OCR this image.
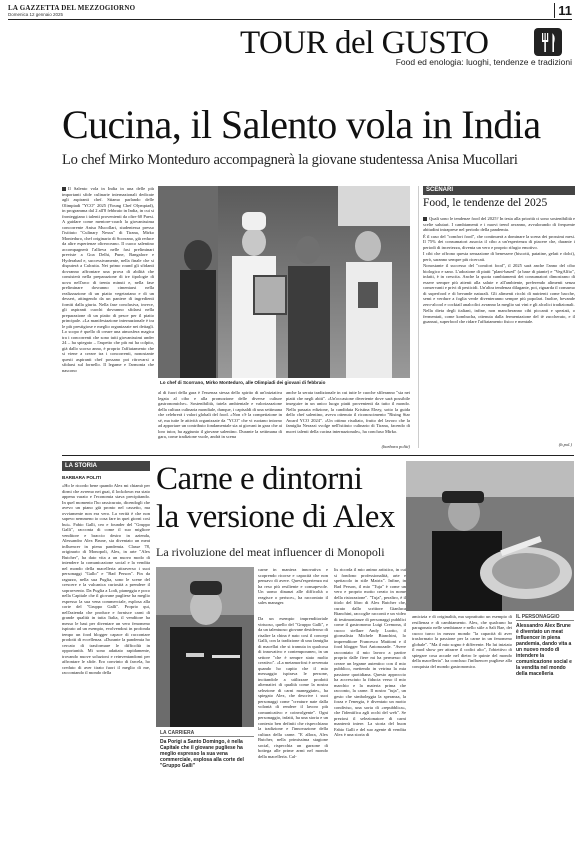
LA GAZZETTA DEL MEZZOGIORNO
Domenica 12 gennaio 2025	11
TOUR del GUSTO
Food ed enologia: luoghi, tendenze e tradizioni
Cucina, il Salento vola in India
Lo chef Mirko Monteduro accompagnerà la giovane studentessa Anisa Mucollari
Il Salento vola in India in una delle più importanti sfide culinarie internazionali dedicate agli aspiranti chef. Stiamo parlando delle Olimpiadi "YCO" 2025 (Young Chef Olympiad), in programma dal 2 all'8 febbraio in India, in cui si fronteggiano i talenti provenienti da oltre 60 Paesi. A guidare come mentore-coach la giovanissima concorrente Anisa Mucollari, studentessa presso l'istituto "Culinary Nexus" di Tirana, Mirko Monteduro, chef originario di Scorrano, già reduce da altre esperienze oltreoceano. Il cuoco salentino accompagnerà l'allieva nelle fasi preliminari previste a Goa Delhi, Pune, Bangalore e Hyderabad e, successivamente, nella finale che si disputerà a Calcutta. Nei primo round gli sfidanti dovranno affrontare una prova di abilità che consisterà nella preparazione di tre tipologie di uova nell'arco di trenta minuti e, nella fase preliminare dovranno cimentarsi nella realizzazione di un piatto vegetariano e di un dessert, attingendo da un paniere di ingredienti forniti dalla giuria. Nella fase conclusiva, invece, gli aspiranti cuochi dovranno sfidarsi nella preparazione di un piatto di pesce per il piatto principale. «La manifestazione internazionale è tra le più prestigiose e meglio organizzate nei dettagli. Lo scopo è quello di creare una atmosfera magica tra i concorrenti che sono tutti giovanissimi under 24 – ha spiegato – l'aspetto che più mi ha colpito, già dallo scorso anno, è proprio l'affiatamento che si viene a creare tra i concorrenti, nonostante questi aspiranti chef possano poi ritrovarsi a sfidarsi sul fornello. Il legame e l'armonia che nascono
Lo chef di Scorrano, Mirko Monteduro, alle Olimpiadi dei giovani di febbraio
al di fuori della gara è l'essenza stessa dello spirito di un'iniziativa legata al cibo e alla promozione delle diverse culture gastronomiche». Sostenibilità, tutela ambientale e valorizzazione della cultura culinaria mondiale, dunque, i capisaldi di una settimana che celebrerà i valori globali del food. «Non c'è la competizione in sé, ma tutte le attività organizzate da "YCO" che vi ruotano intorno ad apportare un contributo fondamentale sia ai giovani in gara che ai loro tutor, ha aggiunto il giovane salentino. Durante la settimana di gara, come tradizione vuole, andrà in scena
anche la serata tradizionale in cui tutte le cuoche sfileranno "sia nei piatti che negli abiti". «Un'occasione divertente dove sarà possibile inseguire in un unico luogo piatti provenienti da tutto il mondo. Nella passata edizione, la candidata Kristina Elezy, sotto la guida dello chef salentino, aveva ottenuto il riconoscimento "Rising Star Award YCO 2024". «Un ottimo risultato, frutto del lavoro che la famiglia Nerazzi svolge nell'istituto culinario di Tirana, facendo di nuovi talenti della cucina internazionale», ha concluso Mirko.
(barbara politi)
SCENARI
Food, le tendenze del 2025

Quali sono le tendenze food del 2025? In testa alla priorità ci sono sostenibilità e scelte salutari. I cambiamenti e i nuovi trend avranno, avvalorando di frequente abitudini intraprese nel periodo della pandemia.

È il caso del "comfort food", che continuerà a dominare la scena dei prossimi mesi. Il 75% dei consumatori associa il cibo a un'esperienza di piacere che, durante i periodi di incertezza, diventa un vero e proprio rifugio emotivo.

I cibi che offrono questa sensazione di benessere (biscotti, patatine, gelati e dolci), però, saranno sempre più ricercati.

Nonostante il successo del "comfort food", il 2025 sarà anche l'anno del cibo biologico e sano. L'adozione di piatti "plant-based" (a base di piante) e "VegAlfio", infatti, è in crescita. Anche la quota cambiamenti dei consumatori dimostrano di essere sempre più attenti alla salute e all'ambiente, preferendo alimenti senza conservanti e privi di pesticidi. Un'altra tendenza dilagante, poi, riguarda il consumo di superfood e di bevande naturali. Gli alimenti ricchi di nutrienti come bacche, semi e verdure a foglia verde diventeranno sempre più popolari. Inoltre, bevande zero-alcool e cocktail analcolici avranno la meglio sui vini e gli alcolici tradizionali.

Nella dieta degli italiani, infine, non mancheranno cibi piccanti e speziati, o fermentati, come kombucha, ottenuta dalla fermentazione del tè zuccherato, e il guanxui, superfood che ridare l'affiatamento fisico e mentale.

(b.pol.)
LA STORIA
BARBARA POLITI
«Ho le ricordo bene quando Alex mi chiamò per dirmi che avremo nei guai, il lockdown era stato appena varato e l'economia stava precipitando. In quel momento l'ho rassicurato, dicendogli che avevo un piano già pronto nel cassetto, ma ovviamente non era vero. La verità è che non sapevo nemmeno io cosa fare in quei giorni così bui». Fabio Galli, ceo e founder del "Gruppo Galli", racconta di come il suo migliore venditore e braccio destro in azienda, Alessandro Alex Brune, sia diventato un meat influencer in piena pandemia. Classe 78, originario di Monopoli, Alex, in arte "Alex Butcher", ha dato vita a un nuovo modo di intendere la comunicazione social e la vendita nel mondo della macelleria attraverso i suoi personaggi "Gallo" e "Bad Person". Fin da ragazzo, nella sua Puglia, sono le scene del crescere e la vulcanica curiosità a prendere il sopravvento. Da Puglia a Lodi, pianeggia e poco nella Capitale che il giovane pugliese ha meglio espresso la sua vena commerciale, esplosa alla corte del "Gruppo Galli". Proprio qui, nell'azienda che produce e fornisce carni di grande qualità in tutta Italia, il venditore ha messo le basi per diventare un vero fenomeno ispirato ad un esempio, evolvendosi in profonda tempo un food blogger capace di raccontare prodotti di eccellenza. «Durante la pandemia ho cercato di trasformare le difficoltà in opportunità. Mi sono adattato rapidamente, trovando nuove soluzioni e reinventandomi per affrontare le sfide. Ero convinto di farcela, ho creduto di aver tirato fuori il meglio di me, raccontando il mondo della
Carne e dintorni
la versione di Alex
La rivoluzione del meat influencer di Monopoli
LA CARRIERA
Da Porigi a Santo Domingo, è nella Capitale che il giovane pugliese ha meglio espresso la sua vena commerciale, esplosa alla corte del "Gruppo Galli"
IL PERSONAGGIO
Alessandro Alex Brune è diventato un meat influencer in piena pandemia, dando vita a un nuovo modo di intendere la comunicazione social e la vendita nel mondo della macelleria
carne in maniera innovativa e scoprendo ricorse e capacità che non pensavo di avere. Quest'esperienza mi ha reso più resiliente e consapevole. Un uomo dinanzi alle difficoltà o reagisce o perisce», ha raccontato il sales manager.
Da un esempio imprenditoriale virtuoso, quello del "Gruppo Galli", e da un talentuoso giovane desideroso di risalire la china è nato così il concept Galli, con la tradizione di una famiglia di macellai che si tramuta in qualcosa di innovativo e contemporaneo, in un settore "che è sempre stato molto creativo". «La metamorfosi è avvenuta quando ho capito che il mio messaggio ispirava le persone, incitandole a utilizzare prodotti alternativi di qualità come la nostra selezione di carni maneggiate», ha spiegato Alex, che descrive i suoi personaggi come "creature nate dalla volontà di rendere il lavoro più comunicativo e coinvolgente". Ogni personaggio, infatti, ha una storia e un contesto ben definiti che rispecchiano la tradizione e l'innovazione della cultura della carne. "E allora, Alex Butcher, nella primissima stagione social, rispecchia un garzone di bottega alle prime armi nel mondo della macelleria. Cal-
lis ricorda il mio animo artistico, in cui si fondono professionalità, arte e spettacolo in stile Matrix". Infine, in Bad Person, il mio "Tuja" è come un vero e proprio motto creato in nome della ristorazione". "Tuja", peraltro, è il titolo del libro di Alex Butcher che, curato dallo scrittore Gianluca Bianchini, raccoglie racconti e un video di testimonianze di personaggi pubblici come il gastronomo Luigi Cremona, il cuoco stellare Andy Luotto, il giornalista Michele Bianchini, lo imprenditore Francesco Mattioni e il food blogger Yuri Antonozade. "Avere raccontato il mio lavoro a partire proprio dalle fiere mi ha permesso di creare un legame autentico con il mio pubblico, mettendo in vetrina la mia passione quotidiana. Questo approccio ha accresciuto la fiducia verso il mio marchio e la materia prima che racconto, la carne. Il nostro "tuja", un gesto che simboleggia la speranza, la forza e l'energia, è diventato un motto condiviso, una sorta di «repubblica», che l'identifica agli occhi del web". Se preziosi il selezionatore di carni manterrà intere. La storia del buon Fabio Galli e del suo agente di vendita Alex è una storia di
amicizia e di originalità, ma soprattutto un esempio di resilienza e di cambiamento. Alex, che qualcuno ha paragonato nelle sembianze e nello stile a Salt Bae, dei cuoco turco in mezzo mondo "la capacità di aver trasformato la passione per la carne in un fenomeno globale". "Ma il mio sogno è differente. Ho lui iniziato il mod show per attrarre il codici alto", l'obiettivo di spiegare cosa accade nel dietro le quinte del mondo della macelleria". ha concluso l'influencer pugliese alla conquista del mondo gastronomico.
